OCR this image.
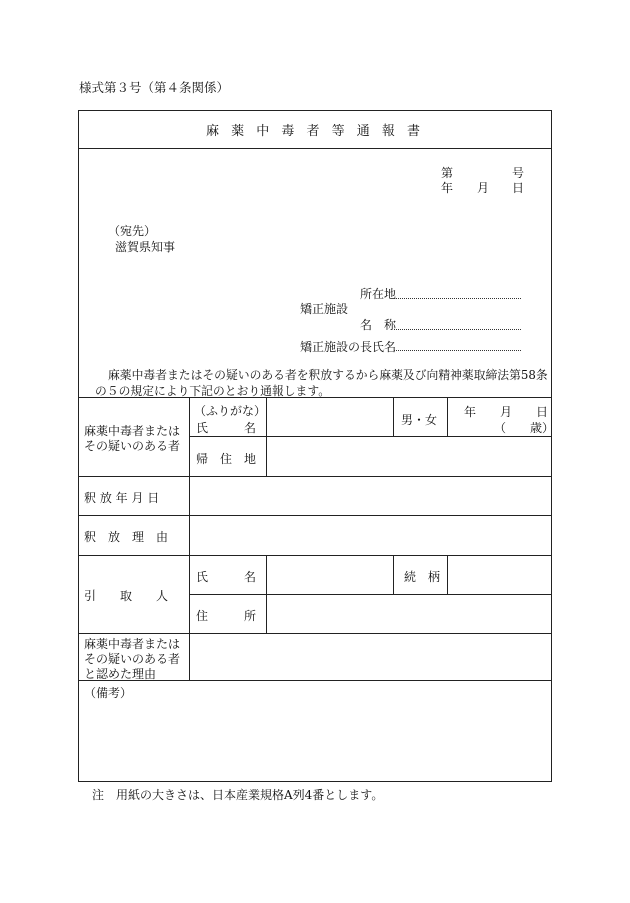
様式第３号（第４条関係）
麻 薬 中 毒 者 等 通 報 書
第	号
年 月 日
（宛先）
滋賀県知事
所在地
矯正施設
名　称
矯正施設の長氏名
麻薬中毒者またはその疑いのある者を釈放するから麻薬及び向精神薬取締法第58条
の５の規定により下記のとおり通報します。
麻薬中毒者または
その疑いのある者
（ふりがな）
氏　　　名
男・女
年　　月　　日
（　　歳）
帰　住　地
釈 放 年 月 日
釈　放　理　由
引　　取　　人
氏　　　名	続　柄
住　　　所
麻薬中毒者または
その疑いのある者
と認めた理由
（備考）
注　用紙の大きさは、日本産業規格A列4番とします。
